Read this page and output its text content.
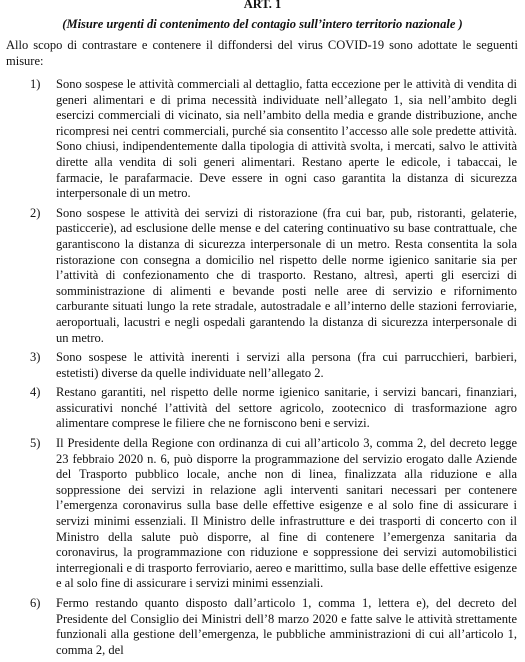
ART. 1
(Misure urgenti di contenimento del contagio sull’intero territorio nazionale )

Allo scopo di contrastare e contenere il diffondersi del virus COVID-19 sono adottate le seguenti misure:

1)	Sono sospese le attività commerciali al dettaglio, fatta eccezione per le attività di vendita di generi alimentari e di prima necessità individuate nell’allegato 1, sia nell’ambito degli esercizi commerciali di vicinato, sia nell’ambito della media e grande distribuzione, anche ricompresi nei centri commerciali, purché sia consentito l’accesso alle sole predette attività. Sono chiusi, indipendentemente dalla tipologia di attività svolta, i mercati, salvo le attività dirette alla vendita di soli generi alimentari. Restano aperte le edicole, i tabaccai, le farmacie, le parafarmacie. Deve essere in ogni caso garantita la distanza di sicurezza interpersonale di un metro.
2)	Sono sospese le attività dei servizi di ristorazione (fra cui bar, pub, ristoranti, gelaterie, pasticcerie), ad esclusione delle mense e del catering continuativo su base contrattuale, che garantiscono la distanza di sicurezza interpersonale di un metro. Resta consentita la sola ristorazione con consegna a domicilio nel rispetto delle norme igienico sanitarie sia per l’attività di confezionamento che di trasporto. Restano, altresì, aperti gli esercizi di somministrazione di alimenti e bevande posti nelle aree di servizio e rifornimento carburante situati lungo la rete stradale, autostradale e all’interno delle stazioni ferroviarie, aeroportuali, lacustri e negli ospedali garantendo la distanza di sicurezza interpersonale di un metro.
3)	Sono sospese le attività inerenti i servizi alla persona (fra cui parrucchieri, barbieri, estetisti) diverse da quelle individuate nell’allegato 2.
4)	Restano garantiti, nel rispetto delle norme igienico sanitarie, i servizi bancari, finanziari, assicurativi nonché l’attività del settore agricolo, zootecnico di trasformazione agro alimentare comprese le filiere che ne forniscono beni e servizi.
5)	Il Presidente della Regione con ordinanza di cui all’articolo 3, comma 2, del decreto legge 23 febbraio 2020 n. 6, può disporre la programmazione del servizio erogato dalle Aziende del Trasporto pubblico locale, anche non di linea, finalizzata alla riduzione e alla soppressione dei servizi in relazione agli interventi sanitari necessari per contenere l’emergenza coronavirus sulla base delle effettive esigenze e al solo fine di assicurare i servizi minimi essenziali. Il Ministro delle infrastrutture e dei trasporti di concerto con il Ministro della salute può disporre, al fine di contenere l’emergenza sanitaria da coronavirus, la programmazione con riduzione e soppressione dei servizi automobilistici interregionali e di trasporto ferroviario, aereo e marittimo, sulla base delle effettive esigenze e al solo fine di assicurare i servizi minimi essenziali.
6)	Fermo restando quanto disposto dall’articolo 1, comma 1, lettera e), del decreto del Presidente del Consiglio dei Ministri dell’8 marzo 2020 e fatte salve le attività strettamente funzionali alla gestione dell’emergenza, le pubbliche amministrazioni di cui all’articolo 1, comma 2, del
